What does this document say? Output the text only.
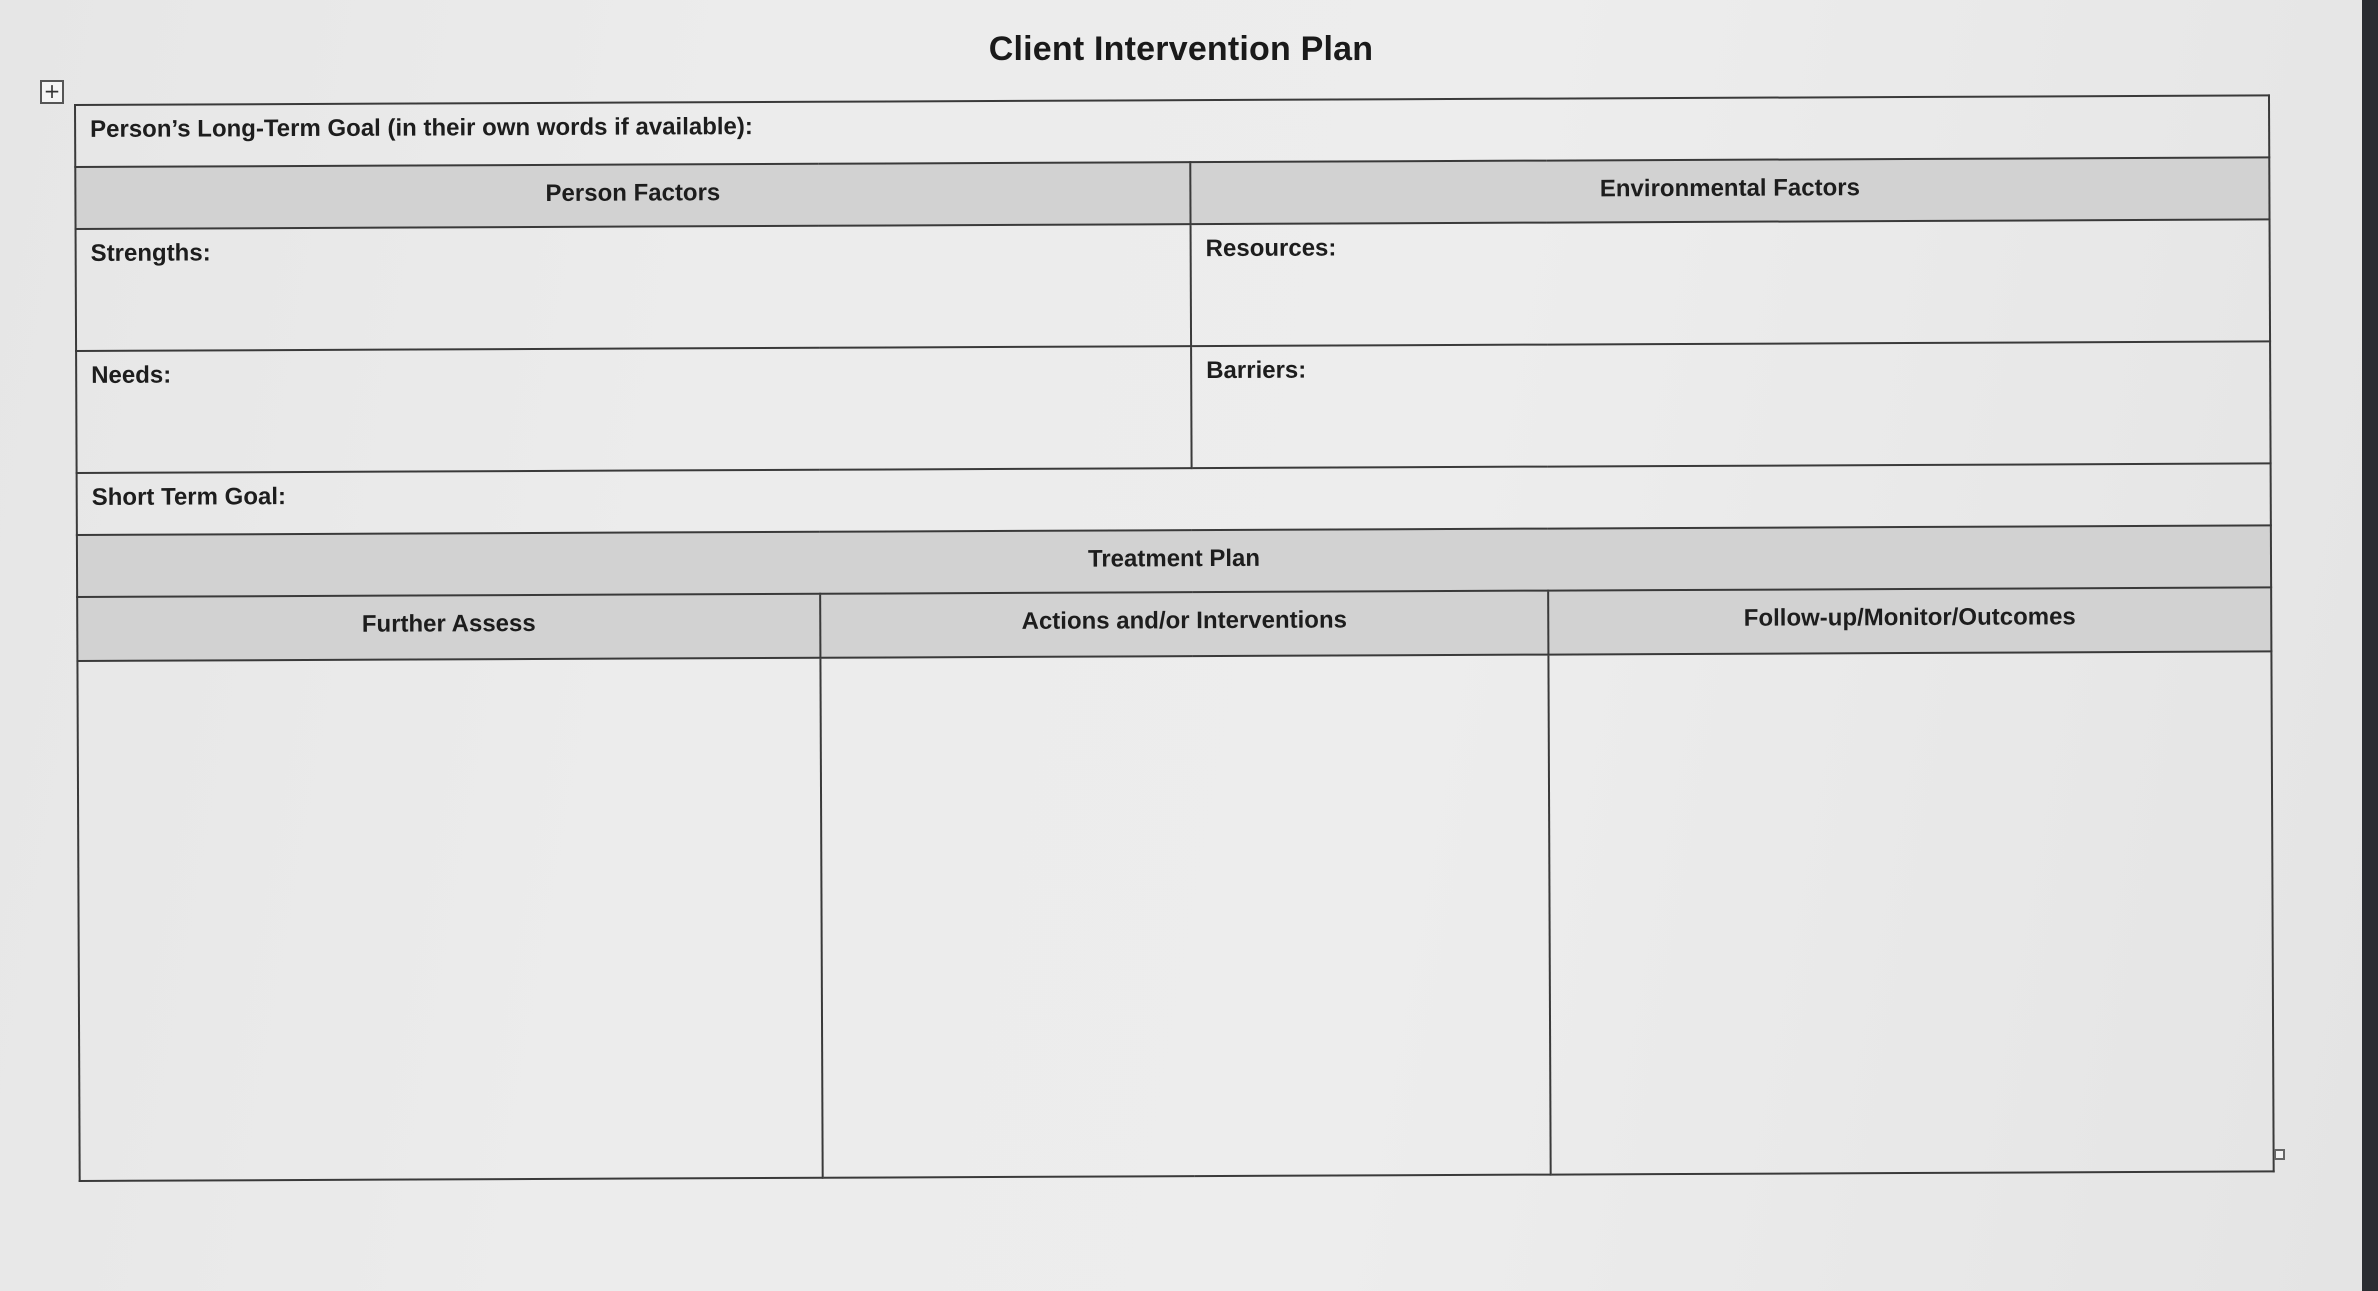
Client Intervention Plan
+
Person’s Long-Term Goal (in their own words if available):			

Person Factors		Environmental Factors	

Strengths:		Resources:	

Needs:		Barriers:	

Short Term Goal:			

Treatment Plan			

Further Assess	Actions and/or Interventions		Follow-up/Monitor/Outcomes
